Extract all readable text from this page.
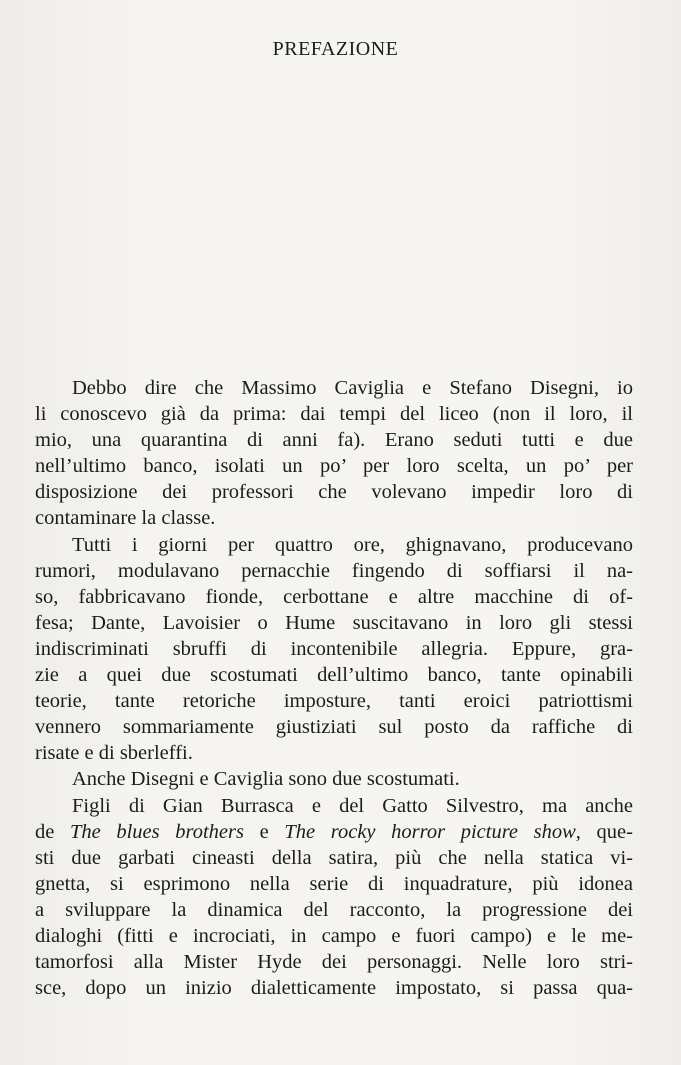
PREFAZIONE
Debbo dire che Massimo Caviglia e Stefano Disegni, io
li conoscevo già da prima: dai tempi del liceo (non il loro, il
mio, una quarantina di anni fa). Erano seduti tutti e due
nell’ultimo banco, isolati un po’ per loro scelta, un po’ per
disposizione dei professori che volevano impedir loro di
contaminare la classe.
Tutti i giorni per quattro ore, ghignavano, producevano
rumori, modulavano pernacchie fingendo di soffiarsi il na-
so, fabbricavano fionde, cerbottane e altre macchine di of-
fesa; Dante, Lavoisier o Hume suscitavano in loro gli stessi
indiscriminati sbruffi di incontenibile allegria. Eppure, gra-
zie a quei due scostumati dell’ultimo banco, tante opinabili
teorie, tante retoriche imposture, tanti eroici patriottismi
vennero sommariamente giustiziati sul posto da raffiche di
risate e di sberleffi.
Anche Disegni e Caviglia sono due scostumati.
Figli di Gian Burrasca e del Gatto Silvestro, ma anche
de The blues brothers e The rocky horror picture show, que-
sti due garbati cineasti della satira, più che nella statica vi-
gnetta, si esprimono nella serie di inquadrature, più idonea
a sviluppare la dinamica del racconto, la progressione dei
dialoghi (fitti e incrociati, in campo e fuori campo) e le me-
tamorfosi alla Mister Hyde dei personaggi. Nelle loro stri-
sce, dopo un inizio dialetticamente impostato, si passa qua-
